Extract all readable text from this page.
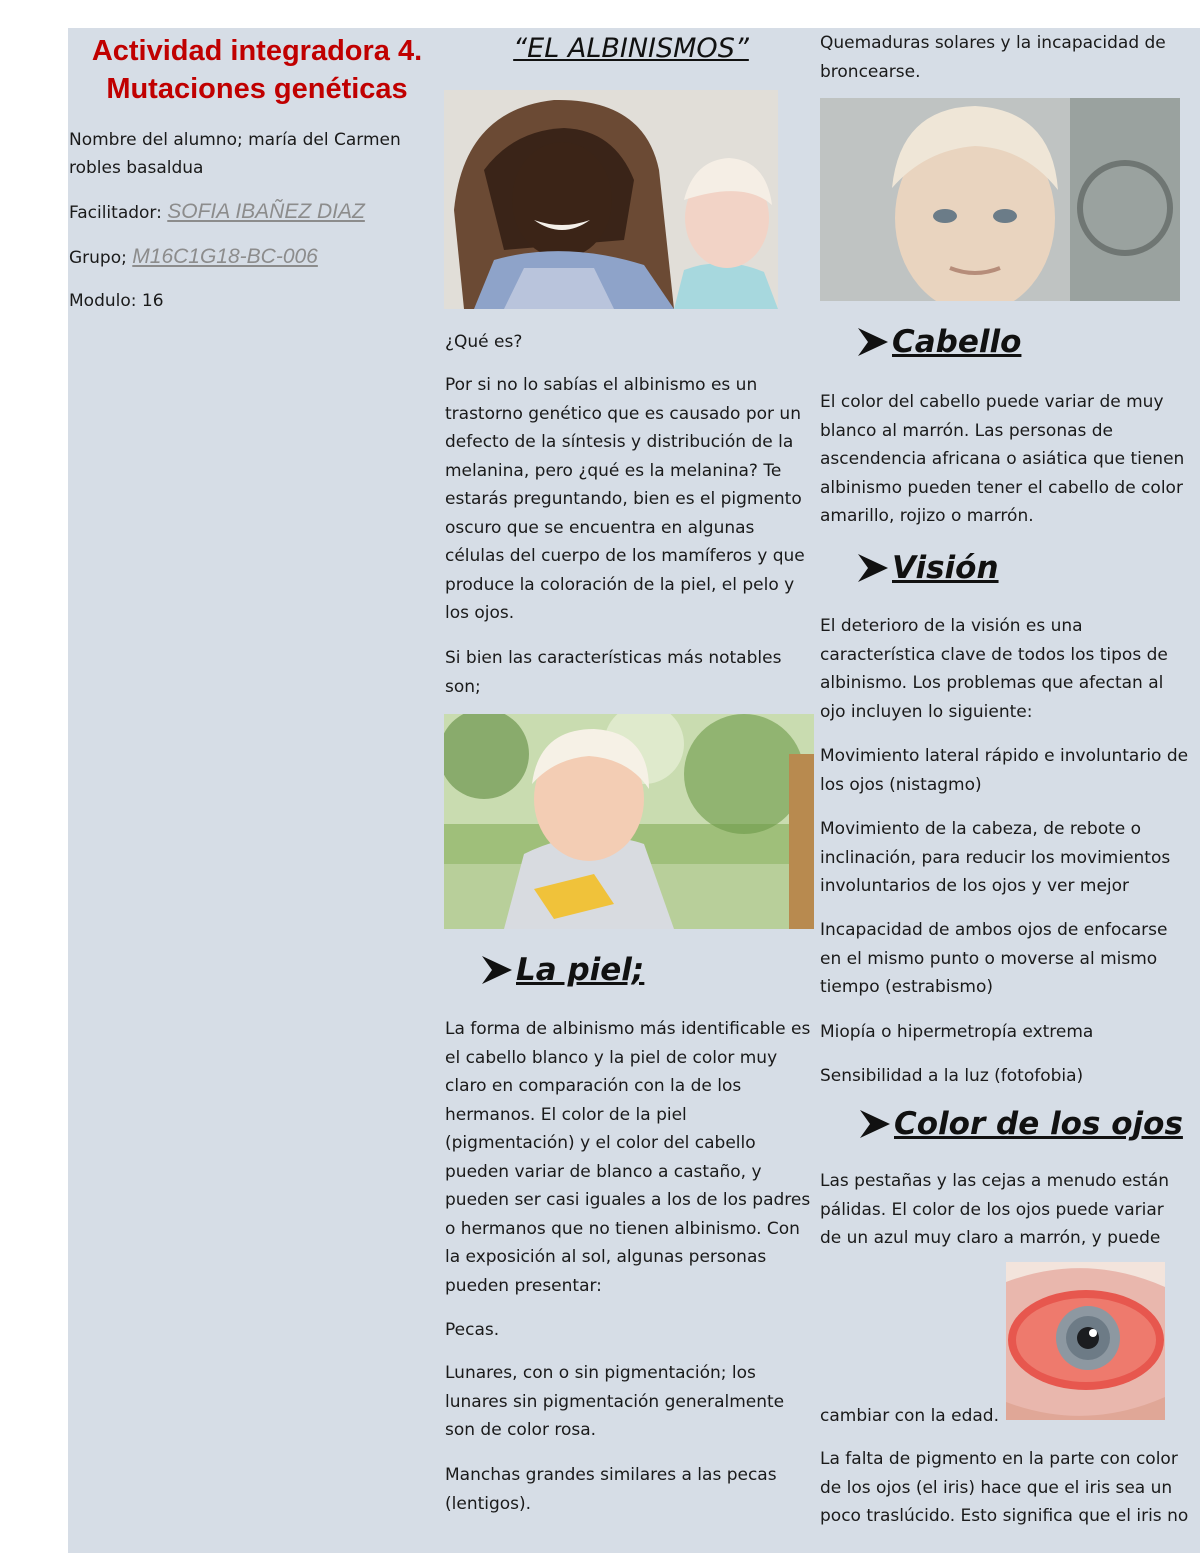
Actividad integradora 4.
Mutaciones genéticas
Nombre del alumno; maría del Carmen
robles basaldua
Facilitador: SOFIA IBAÑEZ DIAZ
Grupo; M16C1G18-BC-006
Modulo: 16
“EL ALBINISMOS”
¿Qué es?

Por si no lo sabías el albinismo es un trastorno genético que es causado por un defecto de la síntesis y distribución de la melanina, pero ¿qué es la melanina? Te estarás preguntando, bien es el pigmento oscuro que se encuentra en algunas células del cuerpo de los mamíferos y que produce la coloración de la piel, el pelo y los ojos.

Si bien las características más notables son;

La piel;

La forma de albinismo más identificable es el cabello blanco y la piel de color muy claro en comparación con la de los hermanos. El color de la piel (pigmentación) y el color del cabello pueden variar de blanco a castaño, y pueden ser casi iguales a los de los padres o hermanos que no tienen albinismo. Con la exposición al sol, algunas personas pueden presentar:

Pecas.

Lunares, con o sin pigmentación; los lunares sin pigmentación generalmente son de color rosa.

Manchas grandes similares a las pecas (lentigos).

Quemaduras solares y la incapacidad de broncearse.

Cabello

El color del cabello puede variar de muy blanco al marrón. Las personas de ascendencia africana o asiática que tienen albinismo pueden tener el cabello de color amarillo, rojizo o marrón.

Visión

El deterioro de la visión es una característica clave de todos los tipos de albinismo. Los problemas que afectan al ojo incluyen lo siguiente:

Movimiento lateral rápido e involuntario de los ojos (nistagmo)

Movimiento de la cabeza, de rebote o inclinación, para reducir los movimientos involuntarios de los ojos y ver mejor

Incapacidad de ambos ojos de enfocarse en el mismo punto o moverse al mismo tiempo (estrabismo)

Miopía o hipermetropía extrema

Sensibilidad a la luz (fotofobia)

Color de los ojos

Las pestañas y las cejas a menudo están pálidas. El color de los ojos puede variar de un azul muy claro a marrón, y puede

cambiar con la edad.

La falta de pigmento en la parte con color de los ojos (el iris) hace que el iris sea un poco traslúcido. Esto significa que el iris no
